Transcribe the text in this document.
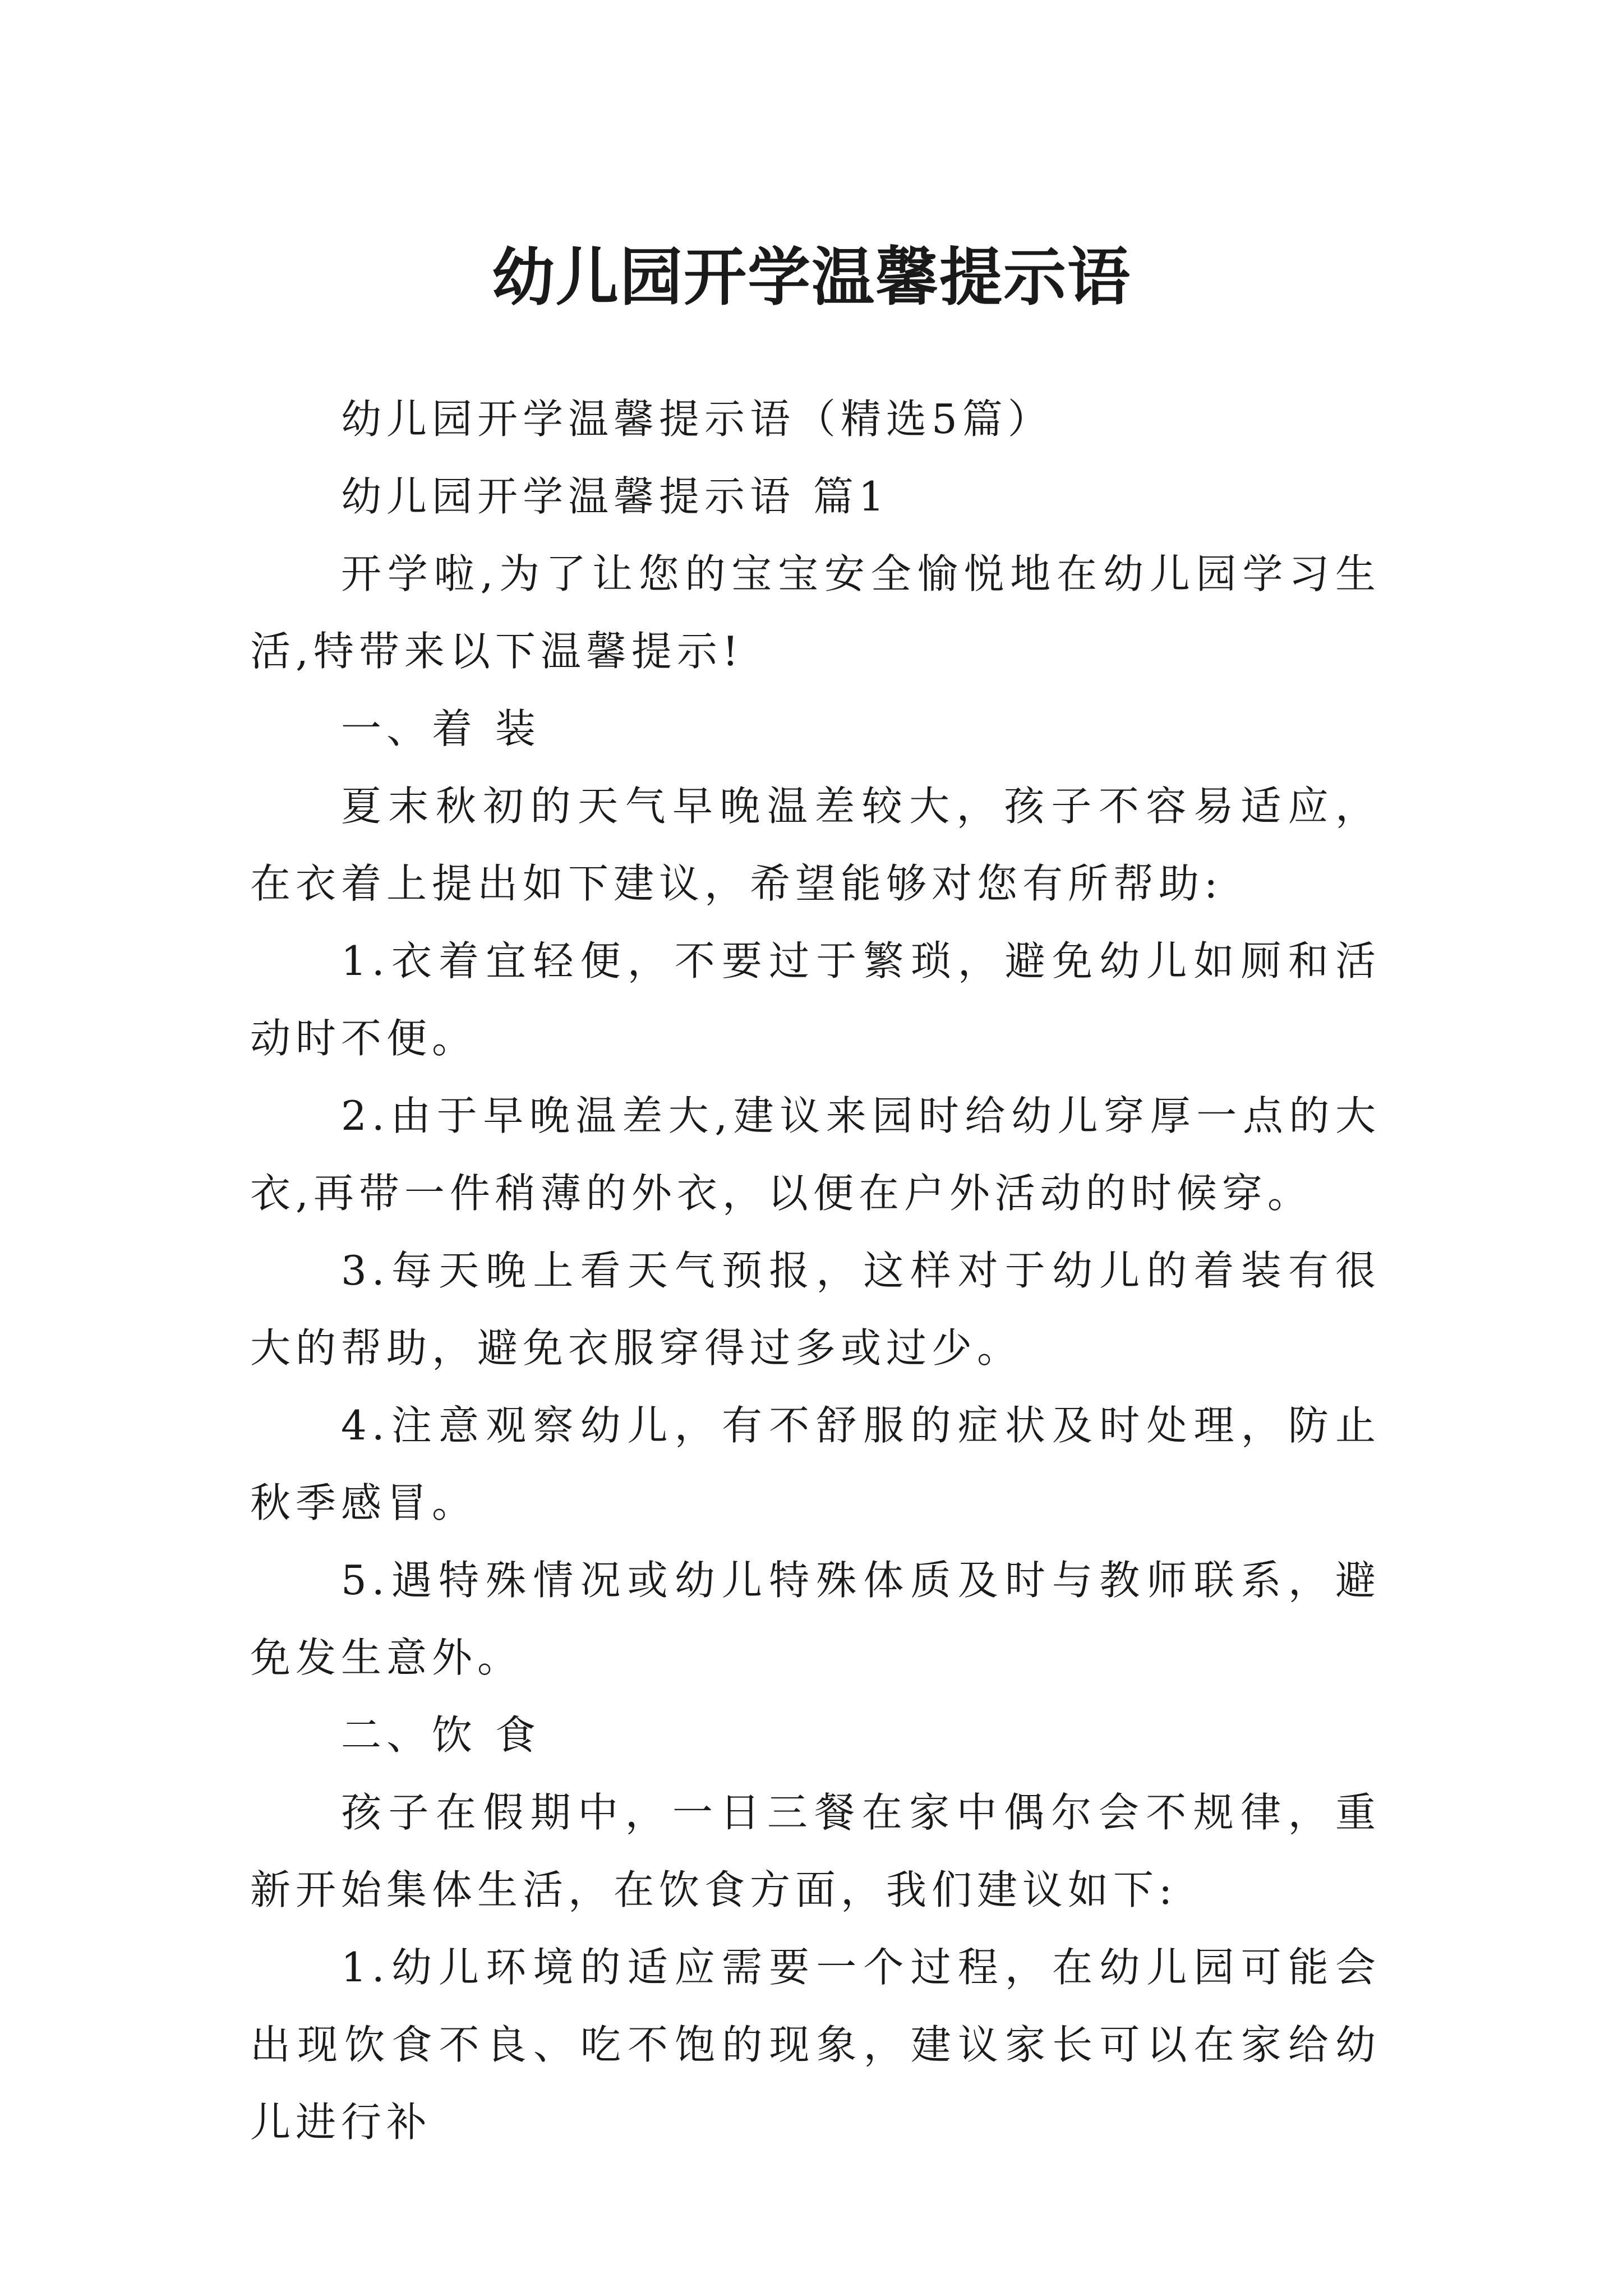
幼儿园开学温馨提示语

幼儿园开学温馨提示语（精选5篇）

幼儿园开学温馨提示语 篇1

开学啦,为了让您的宝宝安全愉悦地在幼儿园学习生活,特带来以下温馨提示!

一、着 装

夏末秋初的天气早晚温差较大，孩子不容易适应，在衣着上提出如下建议，希望能够对您有所帮助:

1.衣着宜轻便，不要过于繁琐，避免幼儿如厕和活动时不便。

2.由于早晚温差大,建议来园时给幼儿穿厚一点的大衣,再带一件稍薄的外衣，以便在户外活动的时候穿。

3.每天晚上看天气预报，这样对于幼儿的着装有很大的帮助，避免衣服穿得过多或过少。

4.注意观察幼儿，有不舒服的症状及时处理，防止秋季感冒。

5.遇特殊情况或幼儿特殊体质及时与教师联系，避免发生意外。

二、饮 食

孩子在假期中，一日三餐在家中偶尔会不规律，重新开始集体生活，在饮食方面，我们建议如下:

1.幼儿环境的适应需要一个过程，在幼儿园可能会出现饮食不良、吃不饱的现象，建议家长可以在家给幼儿进行补
